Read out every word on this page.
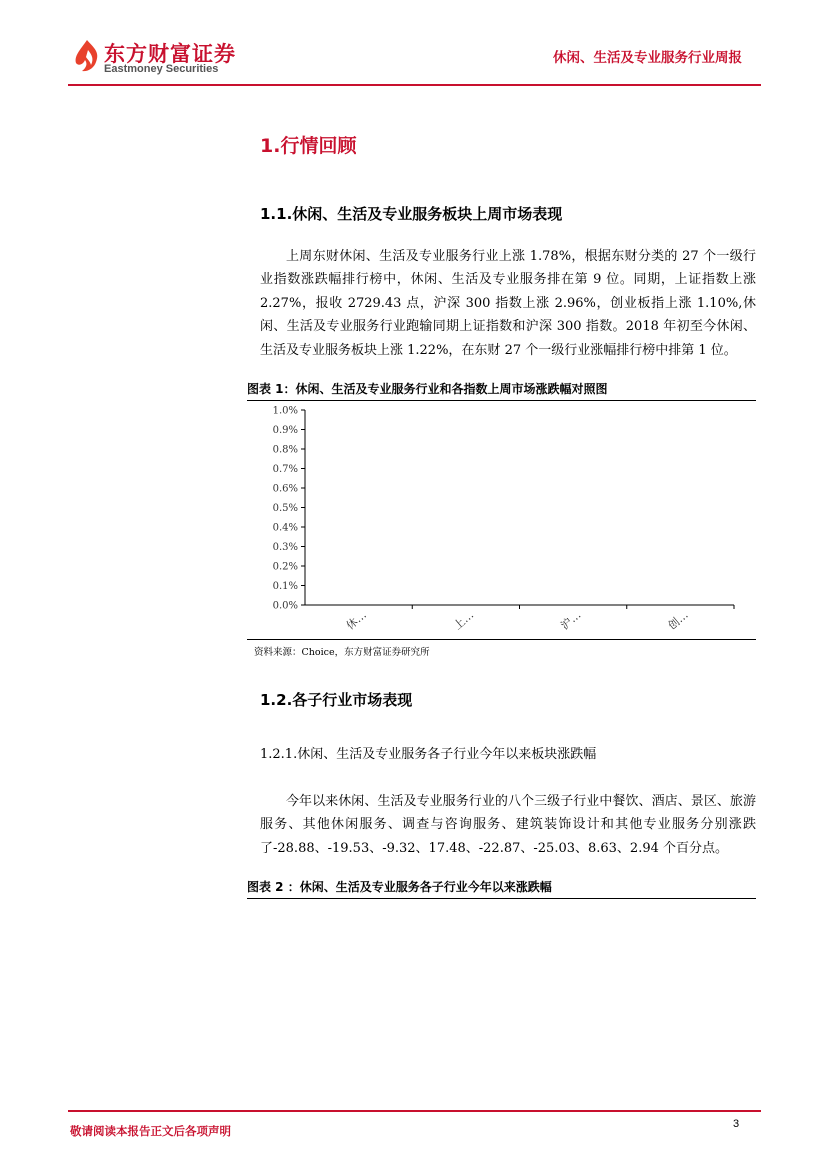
东方财富证券
Eastmoney Securities
休闲、生活及专业服务行业周报
1.行情回顾
1.1.休闲、生活及专业服务板块上周市场表现

上周东财休闲、生活及专业服务行业上涨 1.78%，根据东财分类的 27 个一级行业指数涨跌幅排行榜中，休闲、生活及专业服务排在第 9 位。同期，上证指数上涨 2.27%，报收 2729.43 点，沪深 300 指数上涨 2.96%，创业板指上涨 1.10%,休闲、生活及专业服务行业跑输同期上证指数和沪深 300 指数。2018 年初至今休闲、生活及专业服务板块上涨 1.22%，在东财 27 个一级行业涨幅排行榜中排第 1 位。

图表 1：休闲、生活及专业服务行业和各指数上周市场涨跌幅对照图
1.0%
0.9%
0.8%
0.7%
0.6%
0.5%
0.4%
0.3%
0.2%
0.1%
0.0%
休…	上…	沪…	创…
资料来源：Choice，东方财富证券研究所
1.2.各子行业市场表现
1.2.1.休闲、生活及专业服务各子行业今年以来板块涨跌幅

今年以来休闲、生活及专业服务行业的八个三级子行业中餐饮、酒店、景区、旅游服务、其他休闲服务、调查与咨询服务、建筑装饰设计和其他专业服务分别涨跌了-28.88、-19.53、-9.32、17.48、-22.87、-25.03、8.63、2.94 个百分点。

图表 2 ：休闲、生活及专业服务各子行业今年以来涨跌幅
敬请阅读本报告正文后各项声明	3
